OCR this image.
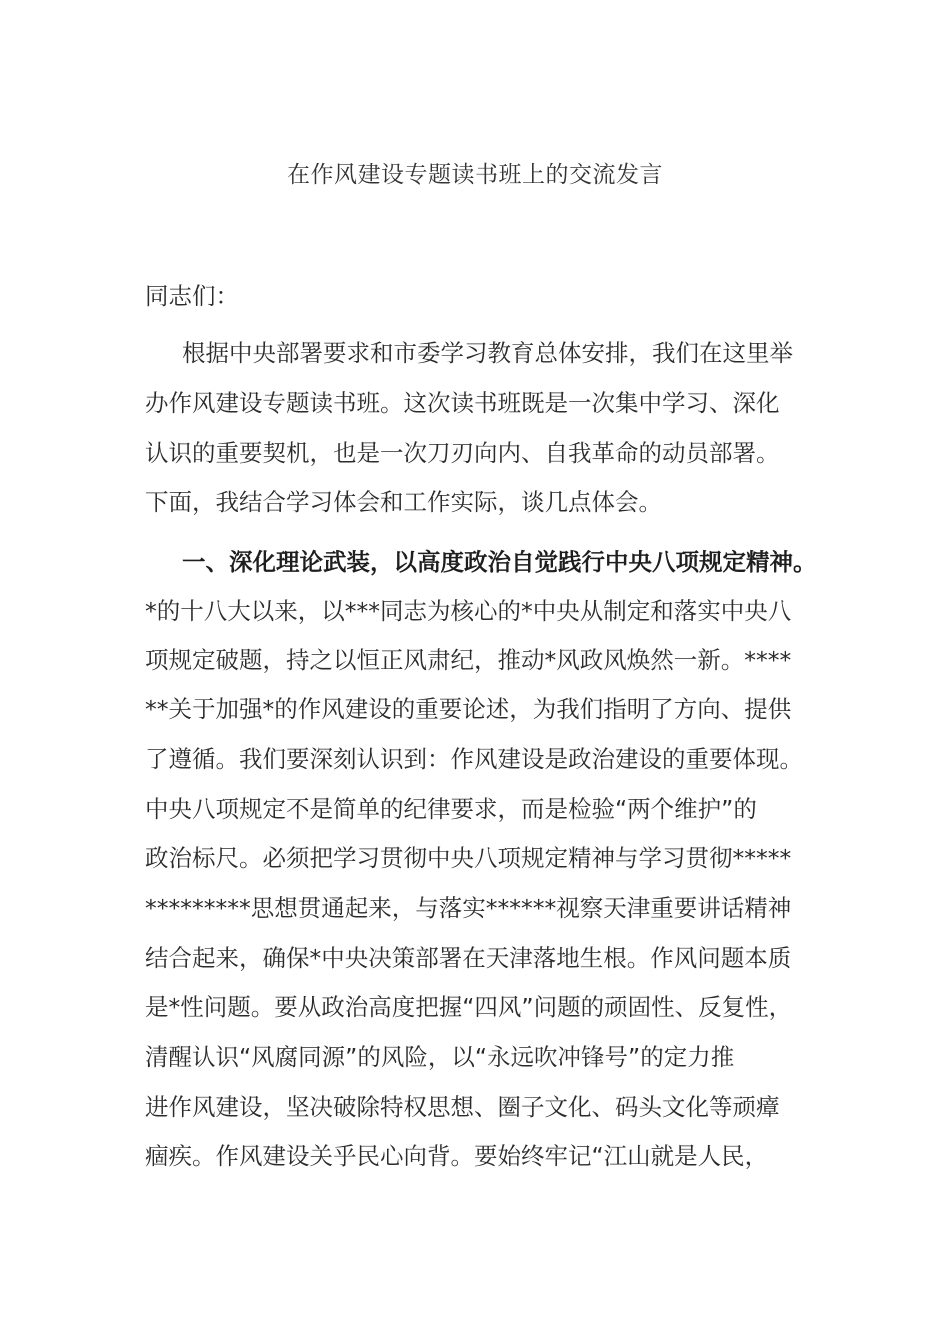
在作风建设专题读书班上的交流发言
同志们：
根据中央部署要求和市委学习教育总体安排，我们在这里举
办作风建设专题读书班。这次读书班既是一次集中学习、深化
认识的重要契机，也是一次刀刃向内、自我革命的动员部署。
下面，我结合学习体会和工作实际，谈几点体会。
一、深化理论武装，以高度政治自觉践行中央八项规定精神。
*的十八大以来，以***同志为核心的*中央从制定和落实中央八
项规定破题，持之以恒正风肃纪，推动*风政风焕然一新。****
**关于加强*的作风建设的重要论述，为我们指明了方向、提供
了遵循。我们要深刻认识到：作风建设是政治建设的重要体现。
中央八项规定不是简单的纪律要求，而是检验“两个维护”的
政治标尺。必须把学习贯彻中央八项规定精神与学习贯彻*****
*********思想贯通起来，与落实******视察天津重要讲话精神
结合起来，确保*中央决策部署在天津落地生根。作风问题本质
是*性问题。要从政治高度把握“四风”问题的顽固性、反复性，
清醒认识“风腐同源”的风险，以“永远吹冲锋号”的定力推
进作风建设，坚决破除特权思想、圈子文化、码头文化等顽瘴
痼疾。作风建设关乎民心向背。要始终牢记“江山就是人民，
